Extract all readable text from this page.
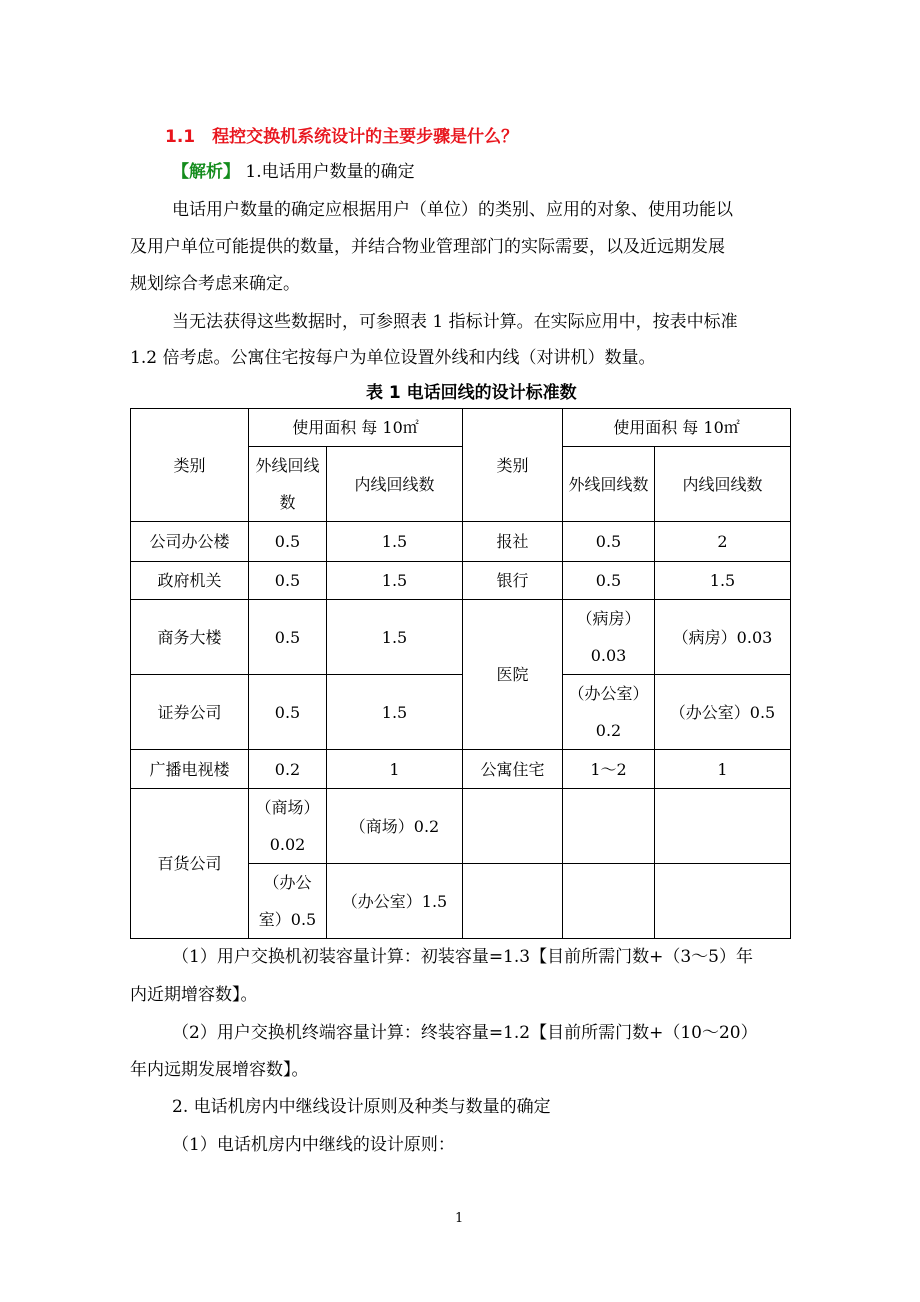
1.1　程控交换机系统设计的主要步骤是什么？
【解析】 1.电话用户数量的确定
电话用户数量的确定应根据用户（单位）的类别、应用的对象、使用功能以
及用户单位可能提供的数量，并结合物业管理部门的实际需要，以及近远期发展
规划综合考虑来确定。
当无法获得这些数据时，可参照表 1 指标计算。在实际应用中，按表中标准
1.2 倍考虑。公寓住宅按每户为单位设置外线和内线（对讲机）数量。
表 1 电话回线的设计标准数
类别	使用面积 每 10㎡		类别	使用面积 每 10㎡	
	外线回线数	内线回线数		外线回线数	内线回线数
公司办公楼	0.5	1.5	报社	0.5	2
政府机关	0.5	1.5	银行	0.5	1.5
商务大楼	0.5	1.5	医院	（病房）0.03	（病房）0.03
证券公司	0.5	1.5		（办公室）0.2	（办公室）0.5
广播电视楼	0.2	1	公寓住宅	1～2	1
百货公司	（商场）0.02	（商场）0.2			
	（办公室）0.5	（办公室）1.5			
（1）用户交换机初装容量计算：初装容量=1.3【目前所需门数+（3～5）年
内近期增容数】。
（2）用户交换机终端容量计算：终装容量=1.2【目前所需门数+（10～20）
年内远期发展增容数】。
2. 电话机房内中继线设计原则及种类与数量的确定
（1）电话机房内中继线的设计原则：
1
